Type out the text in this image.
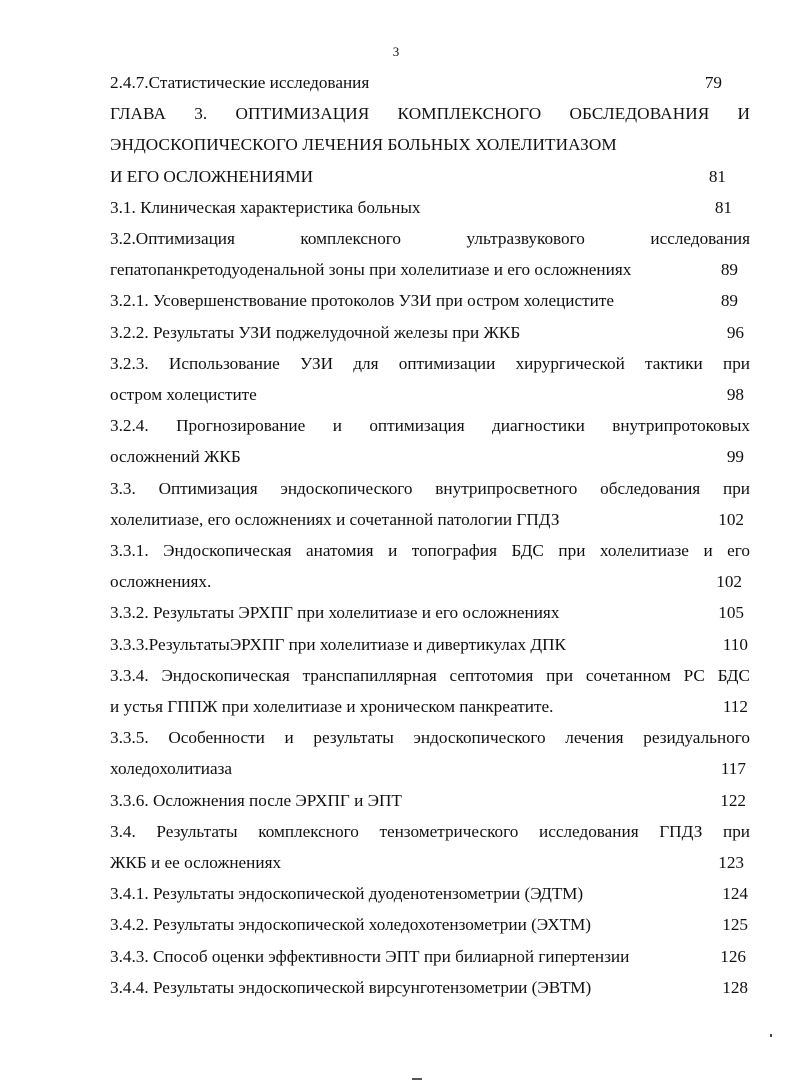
3
2.4.7.Статистические исследования	79
ГЛАВА 3. ОПТИМИЗАЦИЯ КОМПЛЕКСНОГО ОБСЛЕДОВАНИЯ И
ЭНДОСКОПИЧЕСКОГО ЛЕЧЕНИЯ БОЛЬНЫХ ХОЛЕЛИТИАЗОМ
И ЕГО ОСЛОЖНЕНИЯМИ	81
3.1. Клиническая характеристика больных	81
3.2.Оптимизация комплексного ультразвукового исследования
гепатопанкретодуоденальной зоны при холелитиазе и его осложнениях	89
3.2.1. Усовершенствование протоколов УЗИ при остром холецистите	89
3.2.2. Результаты УЗИ поджелудочной железы при ЖКБ	96
3.2.3. Использование УЗИ для оптимизации хирургической тактики при
остром холецистите	98
3.2.4. Прогнозирование и оптимизация диагностики внутрипротоковых
осложнений ЖКБ	99
3.3. Оптимизация эндоскопического внутрипросветного обследования при
холелитиазе, его осложнениях и сочетанной патологии ГПДЗ	102
3.3.1. Эндоскопическая анатомия и топография БДС при холелитиазе и его
осложнениях.	102
3.3.2. Результаты ЭРХПГ при холелитиазе и его осложнениях	105
3.3.3.РезультатыЭРХПГ при холелитиазе и дивертикулах ДПК	110
3.3.4. Эндоскопическая транспапиллярная септотомия при сочетанном РС БДС
и устья ГППЖ при холелитиазе и хроническом панкреатите.	112
3.3.5. Особенности и результаты эндоскопического лечения резидуального
холедохолитиаза	117
3.3.6. Осложнения после ЭРХПГ и ЭПТ	122
3.4. Результаты комплексного тензометрического исследования ГПДЗ при
ЖКБ и ее осложнениях	123
3.4.1. Результаты эндоскопической дуоденотензометрии (ЭДТМ)	124
3.4.2. Результаты эндоскопической холедохотензометрии (ЭХТМ)	125
3.4.3. Способ оценки эффективности ЭПТ при билиарной гипертензии	126
3.4.4. Результаты эндоскопической вирсунготензометрии (ЭВТМ)	128
